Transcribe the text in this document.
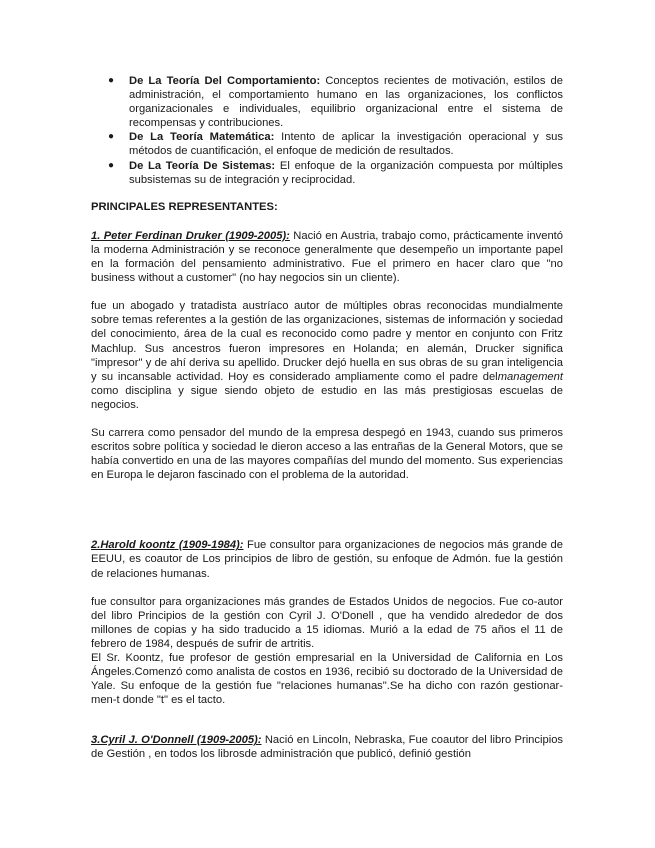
● De La Teoría Del Comportamiento: Conceptos recientes de motivación, estilos de administración, el comportamiento humano en las organizaciones, los conflictos organizacionales e individuales, equilibrio organizacional entre el sistema de recompensas y contribuciones.
● De La Teoría Matemática: Intento de aplicar la investigación operacional y sus métodos de cuantificación, el enfoque de medición de resultados.
● De La Teoría De Sistemas: El enfoque de la organización compuesta por múltiples subsistemas su de integración y reciprocidad.

PRINCIPALES REPRESENTANTES:

1. Peter Ferdinan Druker (1909-2005): Nació en Austria, trabajo como, prácticamente inventó la moderna Administración y se reconoce generalmente que desempeño un importante papel en la formación del pensamiento administrativo. Fue el primero en hacer claro que "no business without a customer" (no hay negocios sin un cliente).

fue un abogado y tratadista austríaco autor de múltiples obras reconocidas mundialmente sobre temas referentes a la gestión de las organizaciones, sistemas de información y sociedad del conocimiento, área de la cual es reconocido como padre y mentor en conjunto con Fritz Machlup. Sus ancestros fueron impresores en Holanda; en alemán, Drucker significa "impresor" y de ahí deriva su apellido. Drucker dejó huella en sus obras de su gran inteligencia y su incansable actividad. Hoy es considerado ampliamente como el padre delmanagement como disciplina y sigue siendo objeto de estudio en las más prestigiosas escuelas de negocios.

Su carrera como pensador del mundo de la empresa despegó en 1943, cuando sus primeros escritos sobre política y sociedad le dieron acceso a las entrañas de la General Motors, que se había convertido en una de las mayores compañías del mundo del momento. Sus experiencias en Europa le dejaron fascinado con el problema de la autoridad.

2.Harold koontz (1909-1984): Fue consultor para organizaciones de negocios más grande de EEUU, es coautor de Los principios de libro de gestión, su enfoque de Admón. fue la gestión de relaciones humanas.

fue consultor para organizaciones más grandes de Estados Unidos de negocios. Fue co-autor del libro Principios de la gestión con Cyril J. O'Donell , que ha vendido alrededor de dos millones de copias y ha sido traducido a 15 idiomas. Murió a la edad de 75 años el 11 de febrero de 1984, después de sufrir de artritis.

El Sr. Koontz, fue profesor de gestión empresarial en la Universidad de California en Los Ángeles.Comenzó como analista de costos en 1936, recibió su doctorado de la Universidad de Yale. Su enfoque de la gestión fue "relaciones humanas".Se ha dicho con razón gestionar-men-t donde "t" es el tacto.

3.Cyril J. O'Donnell (1909-2005): Nació en Lincoln, Nebraska, Fue coautor del libro Principios de Gestión , en todos los librosde administración que publicó, definió gestión
